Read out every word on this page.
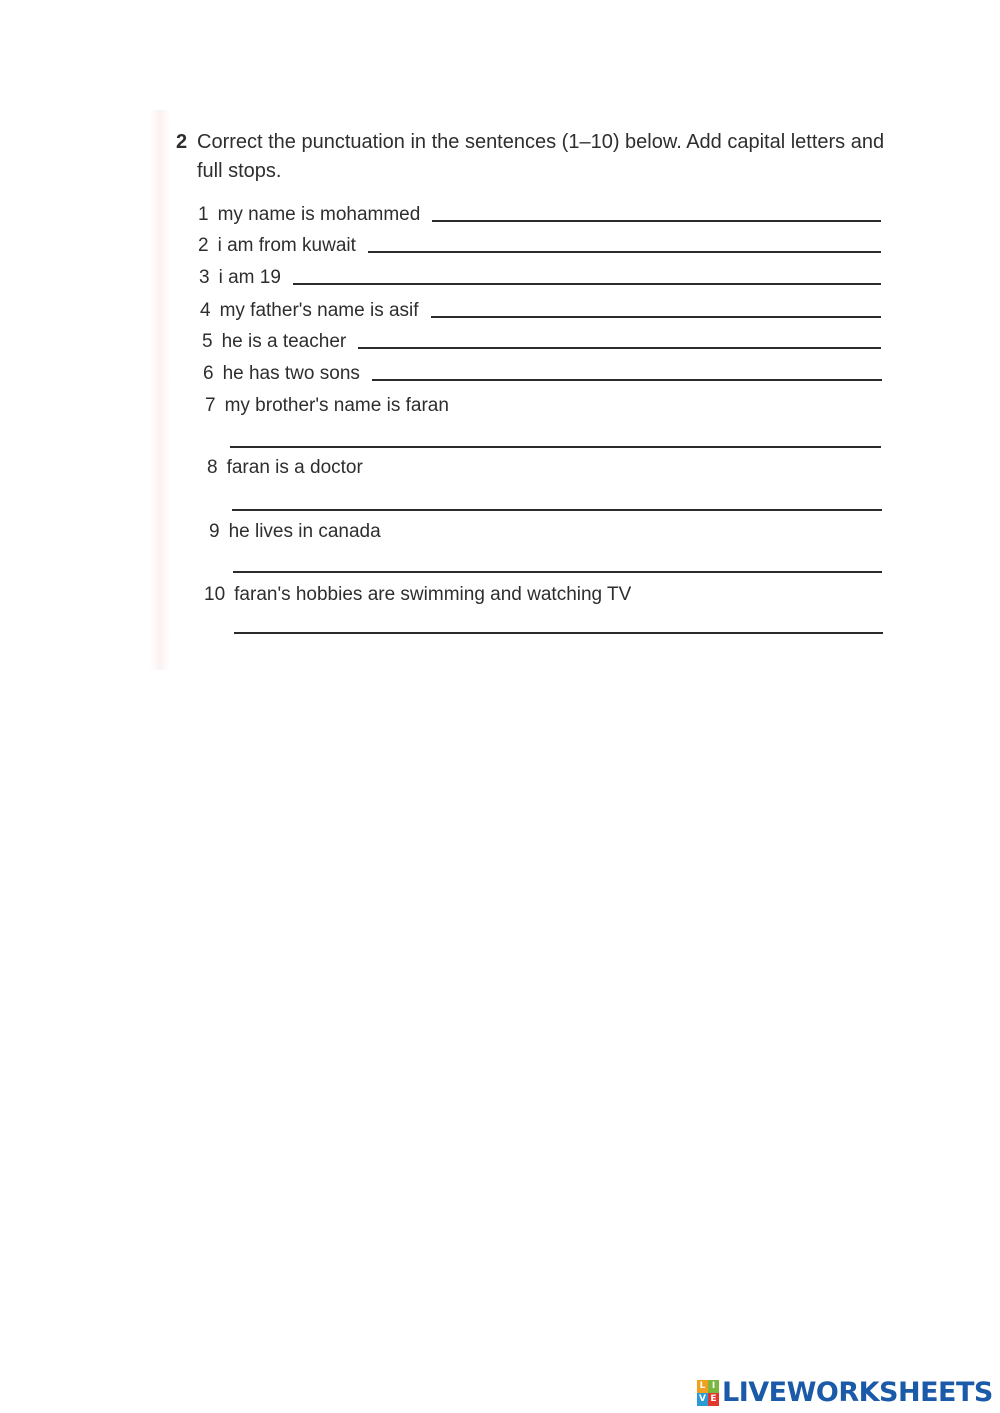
2 Correct the punctuation in the sentences (1–10) below. Add capital letters and full stops.
1 my name is mohammed
2 i am from kuwait
3 i am 19
4 my father's name is asif
5 he is a teacher
6 he has two sons
7 my brother's name is faran
8 faran is a doctor
9 he lives in canada
10 faran's hobbies are swimming and watching TV
L I
V E LIVEWORKSHEETS
